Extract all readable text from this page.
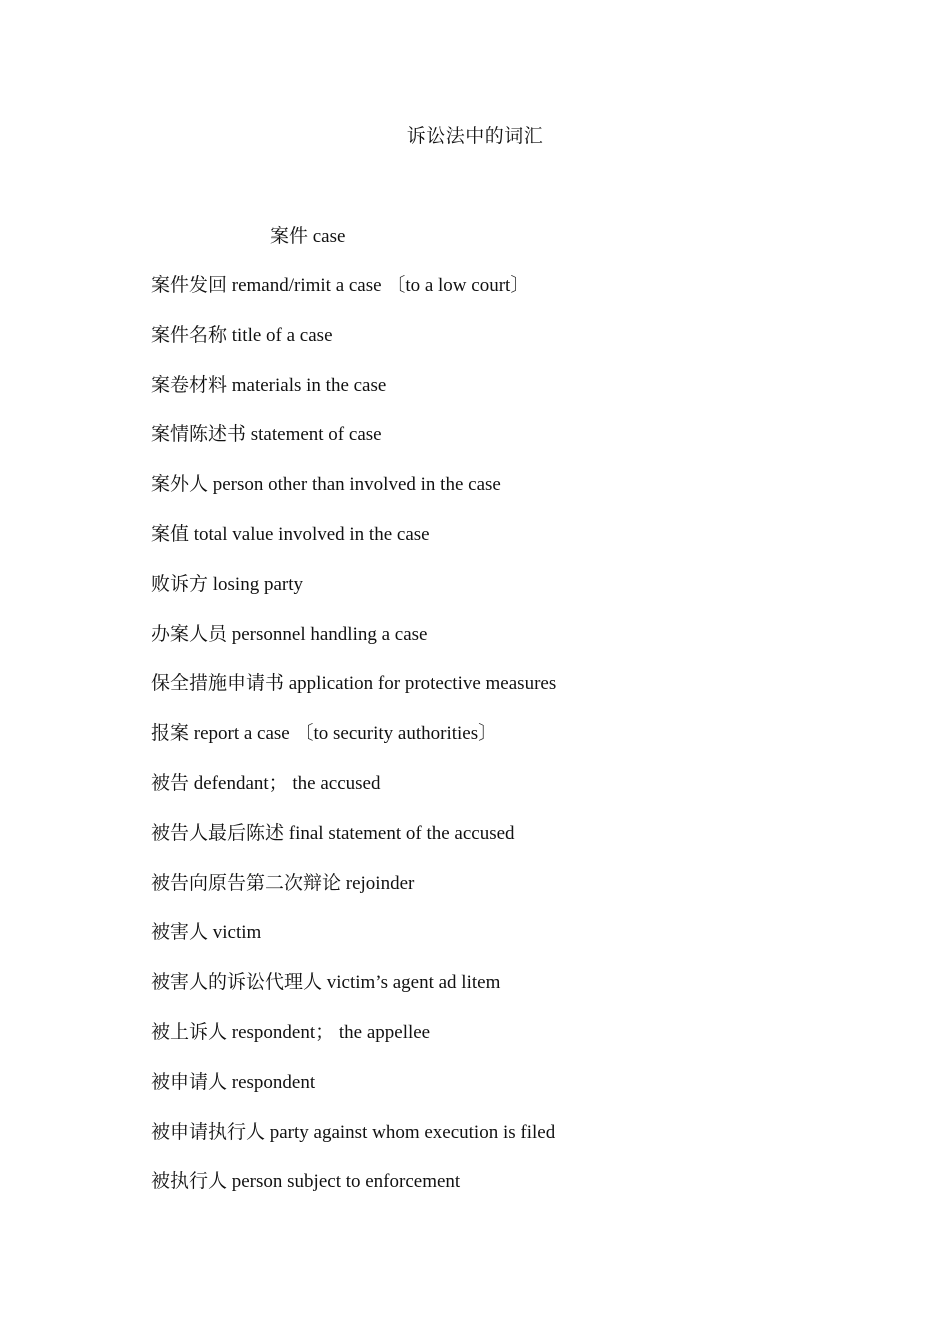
诉讼法中的词汇
案件 case
案件发回 remand/rimit a case 〔to a low court〕
案件名称 title of a case
案卷材料 materials in the case
案情陈述书 statement of case
案外人 person other than involved in the case
案值 total value involved in the case
败诉方 losing party
办案人员 personnel handling a case
保全措施申请书 application for protective measures
报案 report a case 〔to security authorities〕
被告 defendant； the accused
被告人最后陈述 final statement of the accused
被告向原告第二次辩论 rejoinder
被害人 victim
被害人的诉讼代理人 victim’s agent ad litem
被上诉人 respondent； the appellee
被申请人 respondent
被申请执行人 party against whom execution is filed
被执行人 person subject to enforcement
